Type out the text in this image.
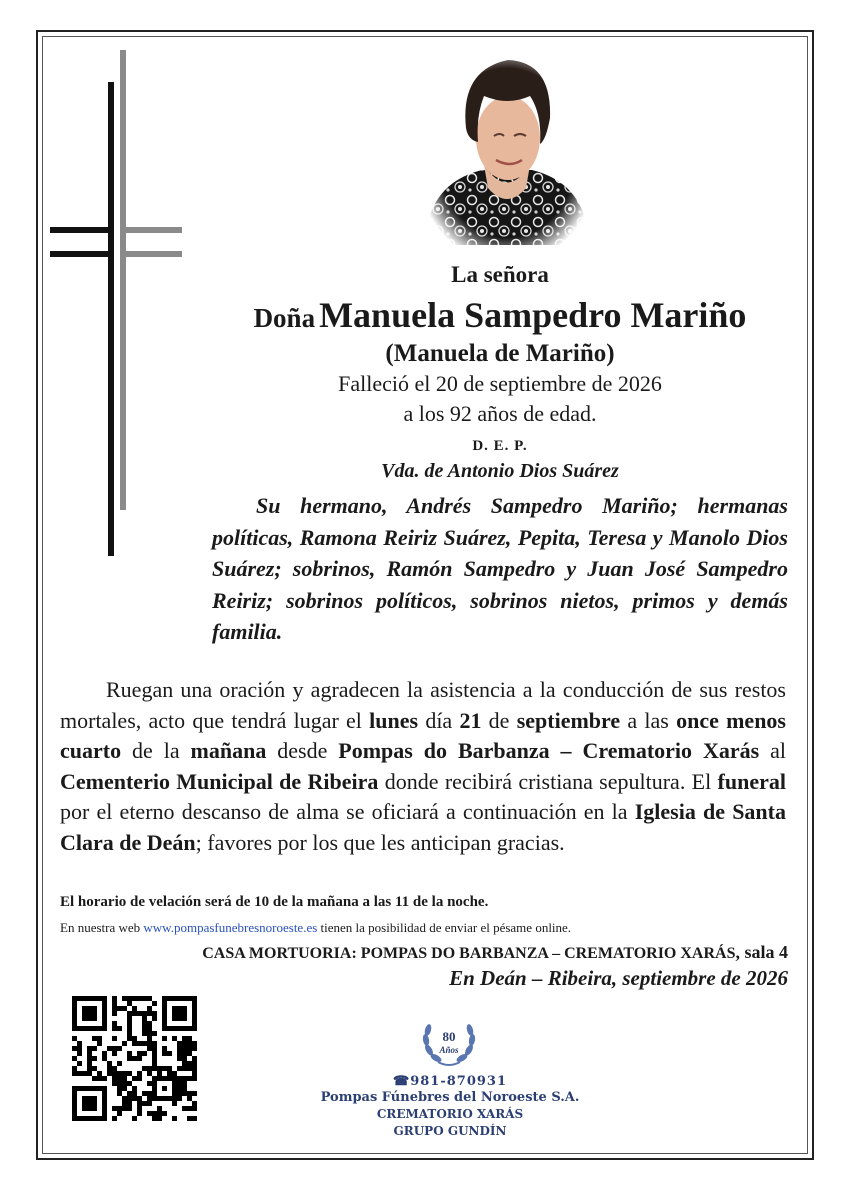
La señora
Doña Manuela Sampedro Mariño
(Manuela de Mariño)
Falleció el 20 de septiembre de 2026
a los 92 años de edad.
D. E. P.
Vda. de Antonio Dios Suárez
Su hermano, Andrés Sampedro Mariño; hermanas políticas, Ramona Reiriz Suárez, Pepita, Teresa y Manolo Dios Suárez; sobrinos, Ramón Sampedro y Juan José Sampedro Reiriz; sobrinos políticos, sobrinos nietos, primos y demás familia.
Ruegan una oración y agradecen la asistencia a la conducción de sus restos mortales, acto que tendrá lugar el lunes día 21 de septiembre a las once menos cuarto de la mañana desde Pompas do Barbanza – Crematorio Xarás al Cementerio Municipal de Ribeira donde recibirá cristiana sepultura. El funeral por el eterno descanso de alma se oficiará a continuación en la Iglesia de Santa Clara de Deán; favores por los que les anticipan gracias.
El horario de velación será de 10 de la mañana a las 11 de la noche.
En nuestra web www.pompasfunebresnoroeste.es tienen la posibilidad de enviar el pésame online.
CASA MORTUORIA: POMPAS DO BARBANZA – CREMATORIO XARÁS, sala 4
En Deán – Ribeira, septiembre de 2026
80
Años
☎981-870931
Pompas Fúnebres del Noroeste S.A.
CREMATORIO XARÁS
GRUPO GUNDÍN
